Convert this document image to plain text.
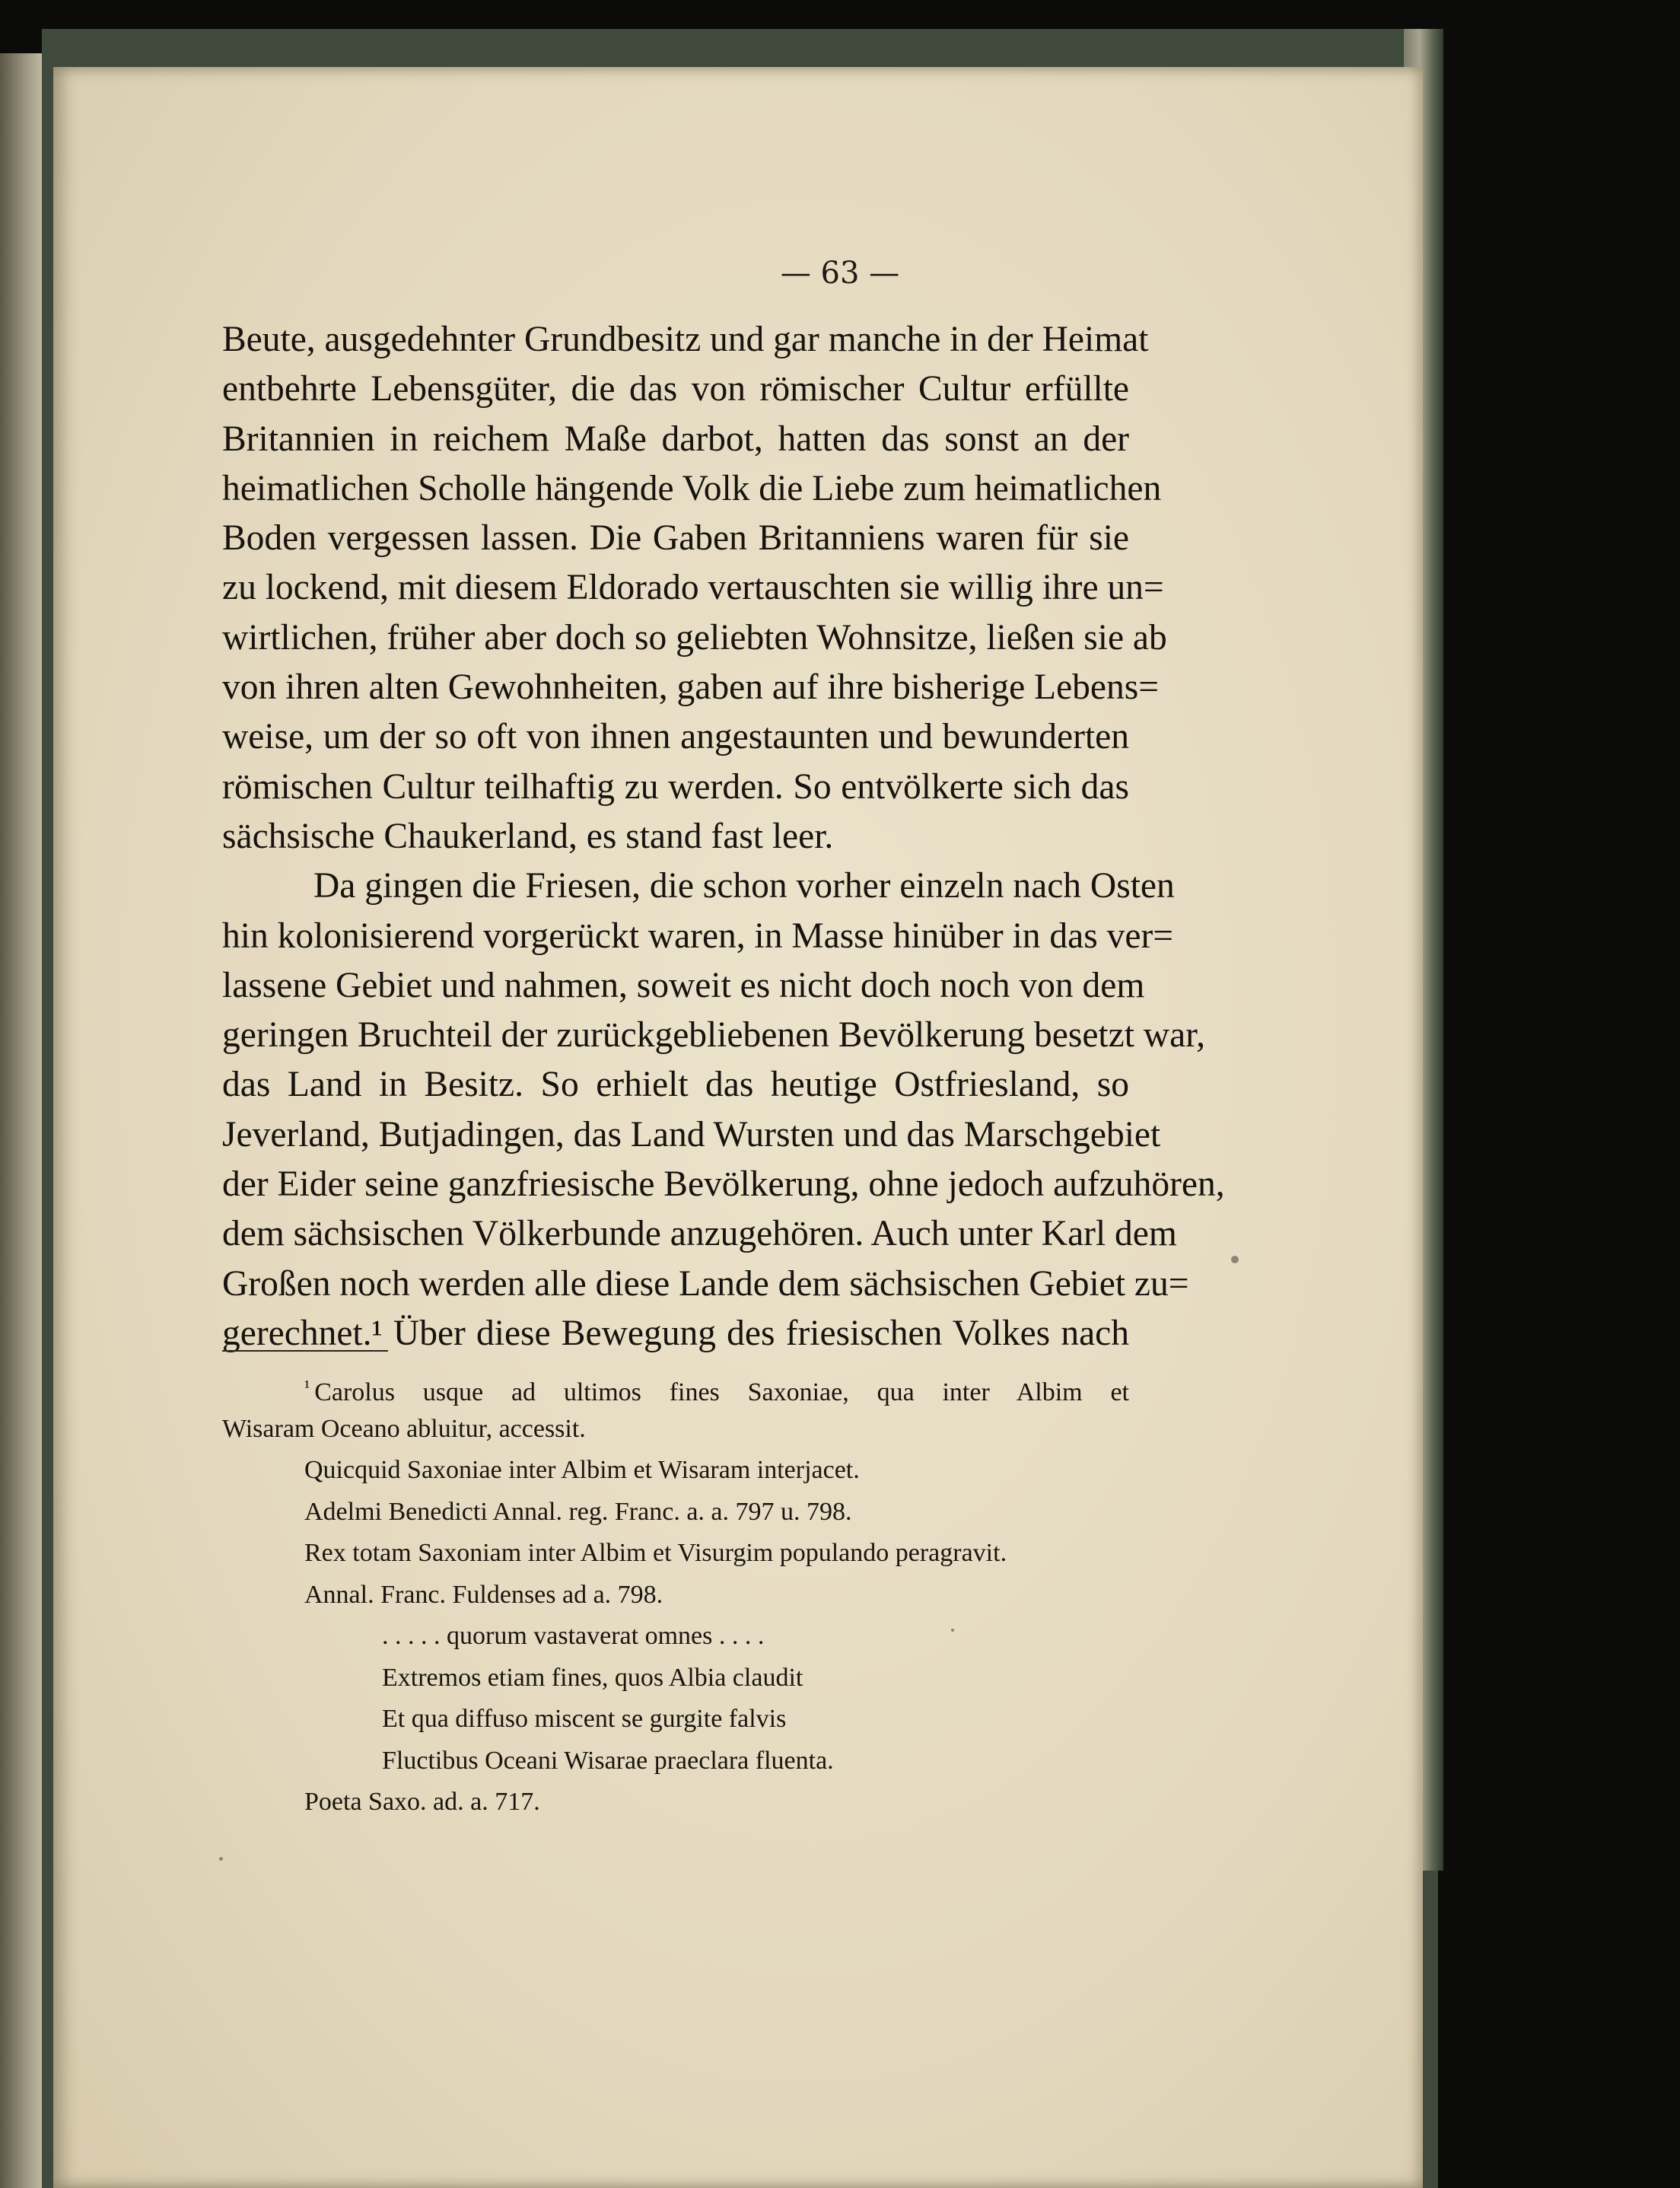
— 63 —
Beute, ausgedehnter Grundbesitz und gar manche in der Heimat
entbehrte Lebensgüter, die das von römischer Cultur erfüllte
Britannien in reichem Maße darbot, hatten das sonst an der
heimatlichen Scholle hängende Volk die Liebe zum heimatlichen
Boden vergessen lassen. Die Gaben Britanniens waren für sie
zu lockend, mit diesem Eldorado vertauschten sie willig ihre un=
wirtlichen, früher aber doch so geliebten Wohnsitze, ließen sie ab
von ihren alten Gewohnheiten, gaben auf ihre bisherige Lebens=
weise, um der so oft von ihnen angestaunten und bewunderten
römischen Cultur teilhaftig zu werden. So entvölkerte sich das
sächsische Chaukerland, es stand fast leer.
Da gingen die Friesen, die schon vorher einzeln nach Osten
hin kolonisierend vorgerückt waren, in Masse hinüber in das ver=
lassene Gebiet und nahmen, soweit es nicht doch noch von dem
geringen Bruchteil der zurückgebliebenen Bevölkerung besetzt war,
das Land in Besitz. So erhielt das heutige Ostfriesland, so
Jeverland, Butjadingen, das Land Wursten und das Marschgebiet
der Eider seine ganzfriesische Bevölkerung, ohne jedoch aufzuhören,
dem sächsischen Völkerbunde anzugehören. Auch unter Karl dem
Großen noch werden alle diese Lande dem sächsischen Gebiet zu=
gerechnet.¹ Über diese Bewegung des friesischen Volkes nach
$^{^1}$ Carolus usque ad ultimos fines Saxoniae, qua inter Albim et
Wisaram Oceano abluitur, accessit.
Quicquid Saxoniae inter Albim et Wisaram interjacet.
Adelmi Benedicti Annal. reg. Franc. a. a. 797 u. 798.
Rex totam Saxoniam inter Albim et Visurgim populando peragravit.
Annal. Franc. Fuldenses ad a. 798.
. . . . . quorum vastaverat omnes . . . .
Extremos etiam fines, quos Albia claudit
Et qua diffuso miscent se gurgite falvis
Fluctibus Oceani Wisarae praeclara fluenta.
Poeta Saxo. ad. a. 717.
